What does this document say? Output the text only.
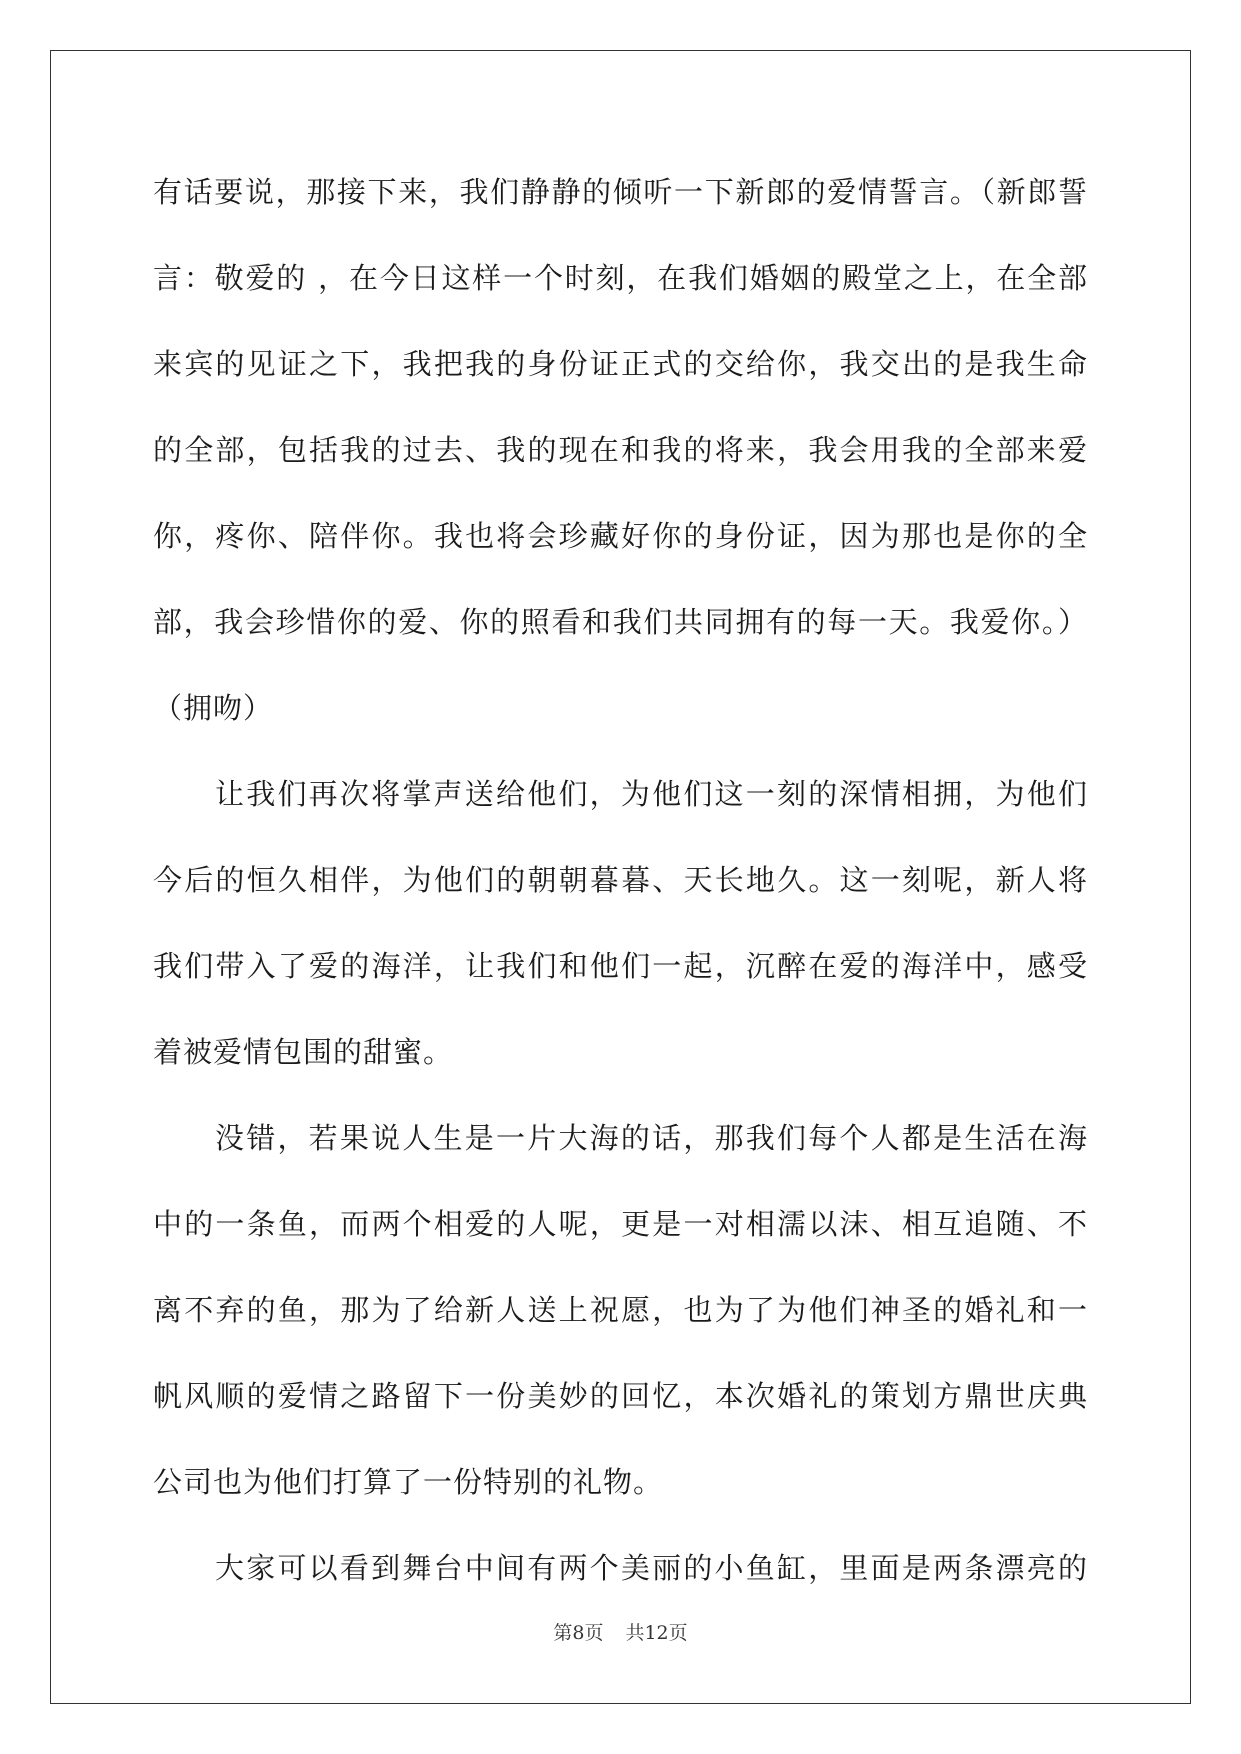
有话要说，那接下来，我们静静的倾听一下新郎的爱情誓言。（新郎誓
言：敬爱的 ，在今日这样一个时刻，在我们婚姻的殿堂之上，在全部
来宾的见证之下，我把我的身份证正式的交给你，我交出的是我生命
的全部，包括我的过去、我的现在和我的将来，我会用我的全部来爱
你，疼你、陪伴你。我也将会珍藏好你的身份证，因为那也是你的全
部，我会珍惜你的爱、你的照看和我们共同拥有的每一天。我爱你。）
（拥吻）
让我们再次将掌声送给他们，为他们这一刻的深情相拥，为他们
今后的恒久相伴，为他们的朝朝暮暮、天长地久。这一刻呢，新人将
我们带入了爱的海洋，让我们和他们一起，沉醉在爱的海洋中，感受
着被爱情包围的甜蜜。
没错，若果说人生是一片大海的话，那我们每个人都是生活在海
中的一条鱼，而两个相爱的人呢，更是一对相濡以沫、相互追随、不
离不弃的鱼，那为了给新人送上祝愿，也为了为他们神圣的婚礼和一
帆风顺的爱情之路留下一份美妙的回忆，本次婚礼的策划方鼎世庆典
公司也为他们打算了一份特别的礼物。
大家可以看到舞台中间有两个美丽的小鱼缸，里面是两条漂亮的
第8页 共12页
